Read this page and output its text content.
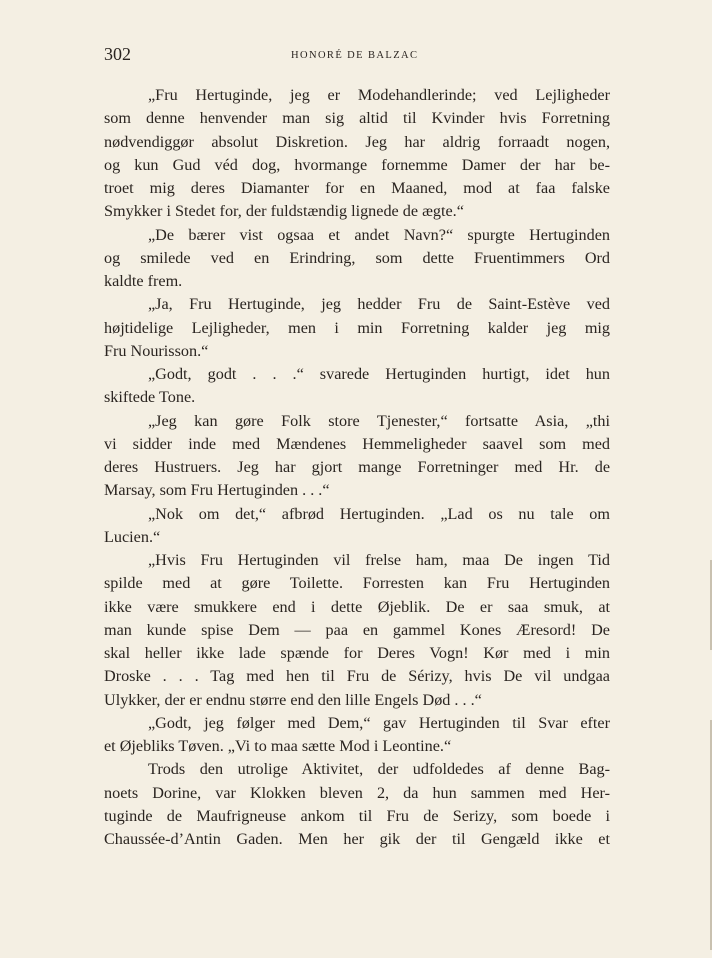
302	HONORÉ DE BALZAC
„Fru Hertuginde, jeg er Modehandlerinde; ved Lejligheder
som denne henvender man sig altid til Kvinder hvis Forretning
nødvendiggør absolut Diskretion. Jeg har aldrig forraadt nogen,
og kun Gud véd dog, hvormange fornemme Damer der har be-
troet mig deres Diamanter for en Maaned, mod at faa falske
Smykker i Stedet for, der fuldstændig lignede de ægte.“
„De bærer vist ogsaa et andet Navn?“ spurgte Hertuginden
og smilede ved en Erindring, som dette Fruentimmers Ord
kaldte frem.
„Ja, Fru Hertuginde, jeg hedder Fru de Saint-Estève ved
højtidelige Lejligheder, men i min Forretning kalder jeg mig
Fru Nourisson.“
„Godt, godt . . .“ svarede Hertuginden hurtigt, idet hun
skiftede Tone.
„Jeg kan gøre Folk store Tjenester,“ fortsatte Asia, „thi
vi sidder inde med Mændenes Hemmeligheder saavel som med
deres Hustruers. Jeg har gjort mange Forretninger med Hr. de
Marsay, som Fru Hertuginden . . .“
„Nok om det,“ afbrød Hertuginden. „Lad os nu tale om
Lucien.“
„Hvis Fru Hertuginden vil frelse ham, maa De ingen Tid
spilde med at gøre Toilette. Forresten kan Fru Hertuginden
ikke være smukkere end i dette Øjeblik. De er saa smuk, at
man kunde spise Dem — paa en gammel Kones Æresord! De
skal heller ikke lade spænde for Deres Vogn! Kør med i min
Droske . . . Tag med hen til Fru de Sérizy, hvis De vil undgaa
Ulykker, der er endnu større end den lille Engels Død . . .“
„Godt, jeg følger med Dem,“ gav Hertuginden til Svar efter
et Øjebliks Tøven. „Vi to maa sætte Mod i Leontine.“
Trods den utrolige Aktivitet, der udfoldedes af denne Bag-
noets Dorine, var Klokken bleven 2, da hun sammen med Her-
tuginde de Maufrigneuse ankom til Fru de Serizy, som boede i
Chaussée-d’Antin Gaden. Men her gik der til Gengæld ikke et
